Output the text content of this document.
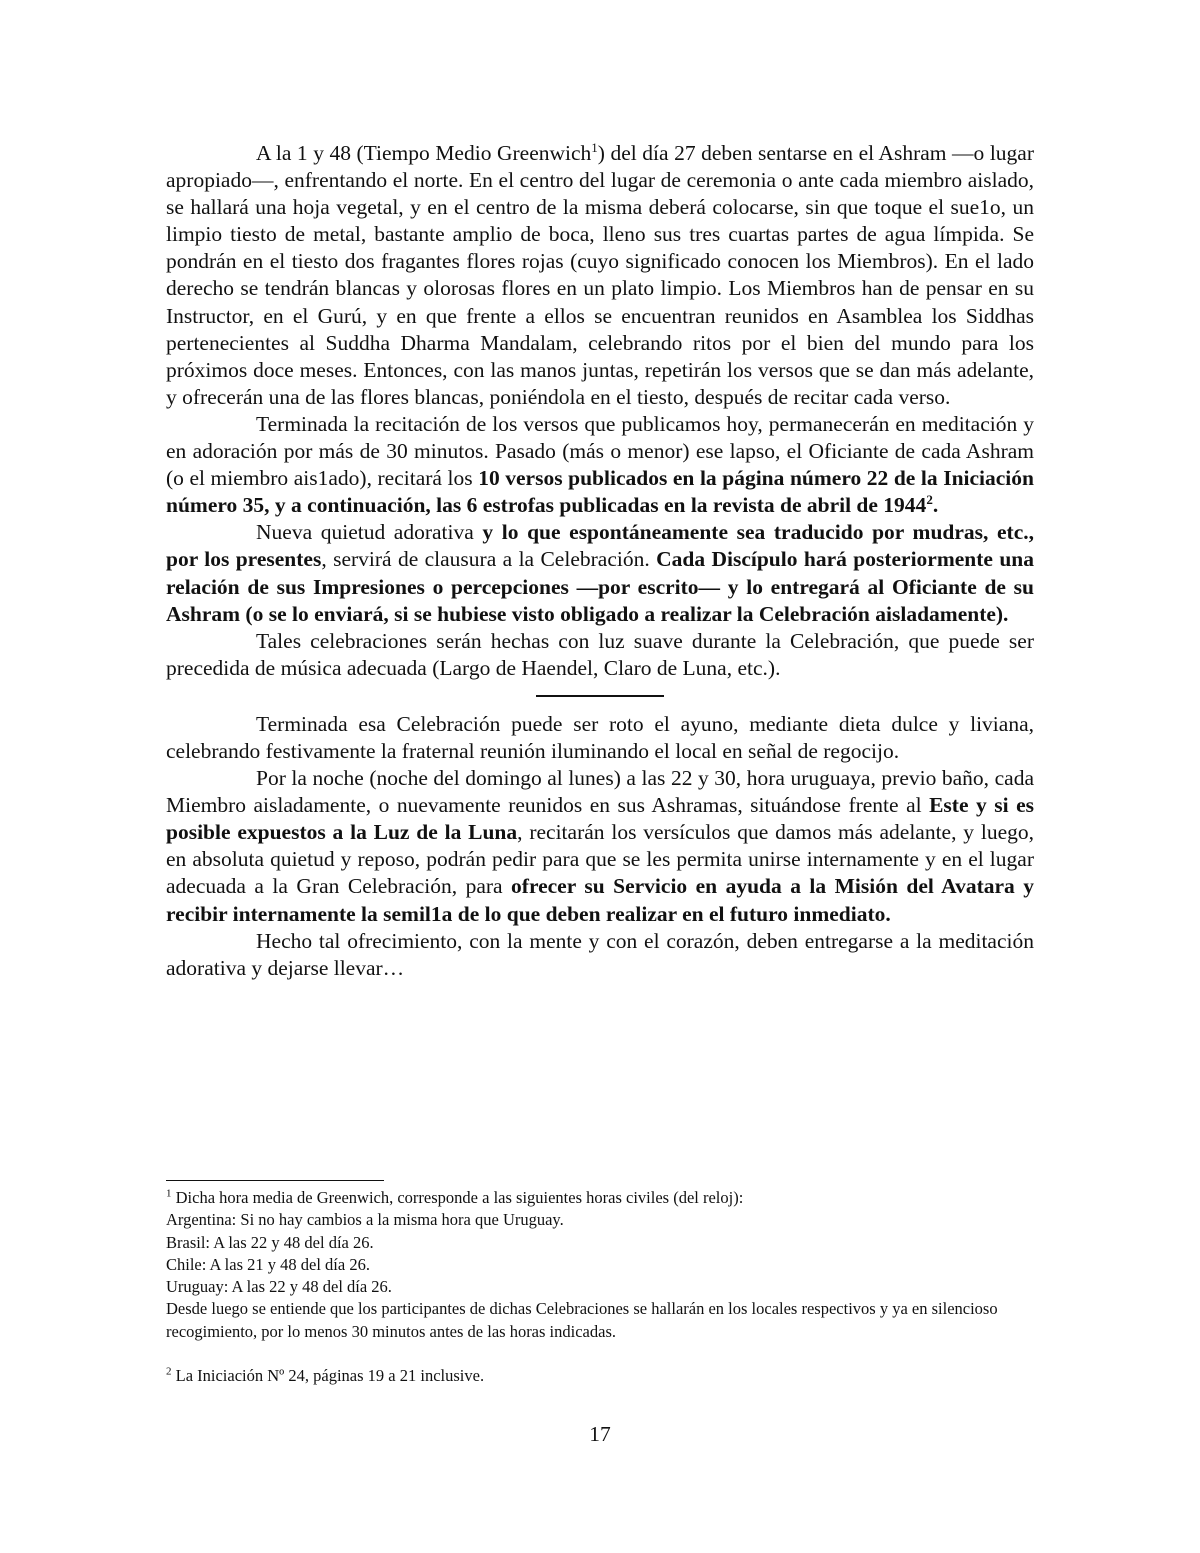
A la 1 y 48 (Tiempo Medio Greenwich$^1$) del día 27 deben sentarse en el Ashram —o lugar apropiado—, enfrentando el norte. En el centro del lugar de ceremonia o ante cada miembro aislado, se hallará una hoja vegetal, y en el centro de la misma deberá colocarse, sin que toque el sue1o, un limpio tiesto de metal, bastante amplio de boca, lleno sus tres cuartas partes de agua límpida. Se pondrán en el tiesto dos fragantes flores rojas (cuyo significado conocen los Miembros). En el lado derecho se tendrán blancas y olorosas flores en un plato limpio. Los Miembros han de pensar en su Instructor, en el Gurú, y en que frente a ellos se encuentran reunidos en Asamblea los Siddhas pertenecientes al Suddha Dharma Mandalam, celebrando ritos por el bien del mundo para los próximos doce meses. Entonces, con las manos juntas, repetirán los versos que se dan más adelante, y ofrecerán una de las flores blancas, poniéndola en el tiesto, después de recitar cada verso.

Terminada la recitación de los versos que publicamos hoy, permanecerán en meditación y en adoración por más de 30 minutos. Pasado (más o menor) ese lapso, el Oficiante de cada Ashram (o el miembro ais1ado), recitará los 10 versos publicados en la página número 22 de la Iniciación número 35, y a continuación, las 6 estrofas publicadas en la revista de abril de 1944$^2$.

Nueva quietud adorativa y lo que espontáneamente sea traducido por mudras, etc., por los presentes, servirá de clausura a la Celebración. Cada Discípulo hará posteriormente una relación de sus Impresiones o percepciones —por escrito— y lo entregará al Oficiante de su Ashram (o se lo enviará, si se hubiese visto obligado a realizar la Celebración aisladamente).

Tales celebraciones serán hechas con luz suave durante la Celebración, que puede ser precedida de música adecuada (Largo de Haendel, Claro de Luna, etc.).

Terminada esa Celebración puede ser roto el ayuno, mediante dieta dulce y liviana, celebrando festivamente la fraternal reunión iluminando el local en señal de regocijo.

Por la noche (noche del domingo al lunes) a las 22 y 30, hora uruguaya, previo baño, cada Miembro aisladamente, o nuevamente reunidos en sus Ashramas, situándose frente al Este y si es posible expuestos a la Luz de la Luna, recitarán los versículos que damos más adelante, y luego, en absoluta quietud y reposo, podrán pedir para que se les permita unirse internamente y en el lugar adecuada a la Gran Celebración, para ofrecer su Servicio en ayuda a la Misión del Avatara y recibir internamente la semil1a de lo que deben realizar en el futuro inmediato.

Hecho tal ofrecimiento, con la mente y con el corazón, deben entregarse a la meditación adorativa y dejarse llevar…

$^1$ Dicha hora media de Greenwich, corresponde a las siguientes horas civiles (del reloj):

Argentina: Si no hay cambios a la misma hora que Uruguay.

Brasil: A las 22 y 48 del día 26.

Chile: A las 21 y 48 del día 26.

Uruguay: A las 22 y 48 del día 26.

Desde luego se entiende que los participantes de dichas Celebraciones se hallarán en los locales respectivos y ya en silencioso recogimiento, por lo menos 30 minutos antes de las horas indicadas.

$^2$ La Iniciación Nº 24, páginas 19 a 21 inclusive.

17
